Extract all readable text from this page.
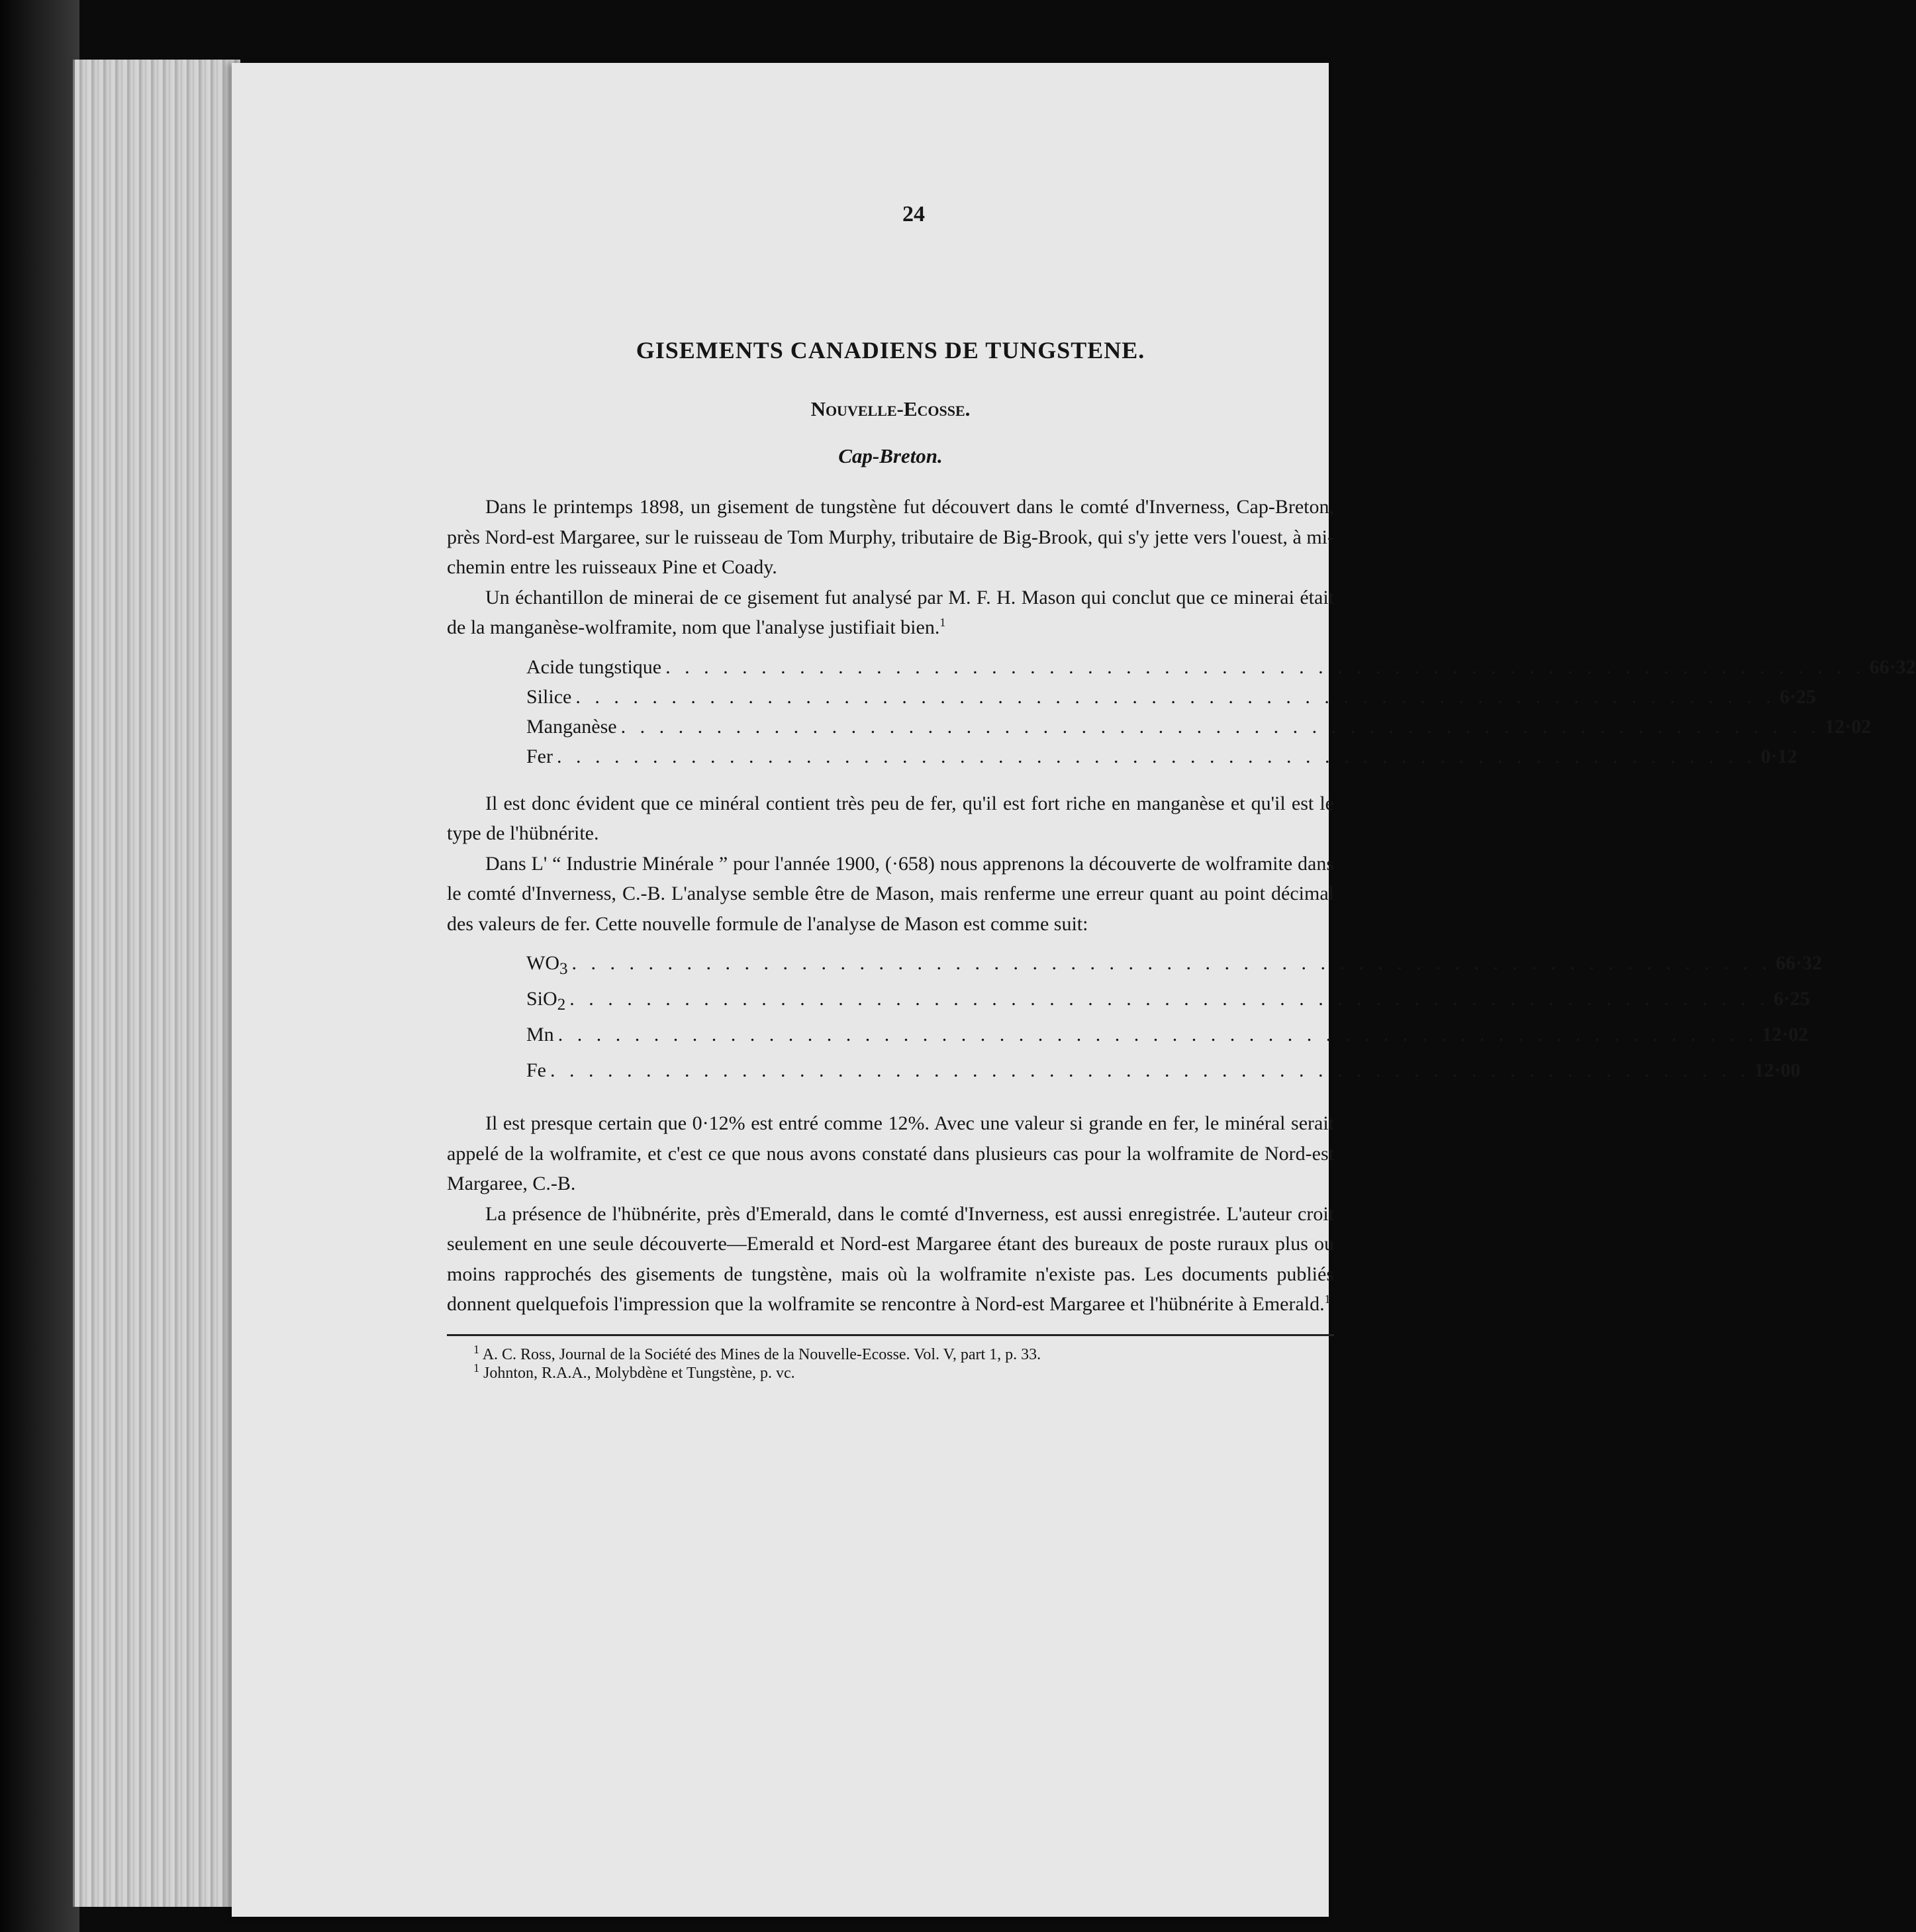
24
GISEMENTS CANADIENS DE TUNGSTENE.
Nouvelle-Ecosse.
Cap-Breton.

Dans le printemps 1898, un gisement de tungstène fut découvert dans le comté d'Inverness, Cap-Breton, près Nord-est Margaree, sur le ruisseau de Tom Murphy, tributaire de Big-Brook, qui s'y jette vers l'ouest, à mi-chemin entre les ruisseaux Pine et Coady.

Un échantillon de minerai de ce gisement fut analysé par M. F. H. Mason qui conclut que ce minerai était de la manganèse-wolframite, nom que l'analyse justifiait bien.$^1$

Acide tungstique . . .	66·32
Silice . . .	6·25
Manganèse . . .	12·02
Fer . . .	0·12

Il est donc évident que ce minéral contient très peu de fer, qu'il est fort riche en manganèse et qu'il est le type de l'hübnérite.

Dans L' “ Industrie Minérale ” pour l'année 1900, (·658) nous apprenons la découverte de wolframite dans le comté d'Inverness, C.-B. L'analyse semble être de Mason, mais renferme une erreur quant au point décimal des valeurs de fer. Cette nouvelle formule de l'analyse de Mason est comme suit:

$WO_3$ . . .	66·32
SiO$_2$ . . .	6·25
Mn . . .	12·02
Fe . . .	12·00

Il est presque certain que 0·12% est entré comme 12%. Avec une valeur si grande en fer, le minéral serait appelé de la wolframite, et c'est ce que nous avons constaté dans plusieurs cas pour la wolframite de Nord-est Margaree, C.-B.

La présence de l'hübnérite, près d'Emerald, dans le comté d'Inverness, est aussi enregistrée. L'auteur croit seulement en une seule découverte—Emerald et Nord-est Margaree étant des bureaux de poste ruraux plus ou moins rapprochés des gisements de tungstène, mais où la wolframite n'existe pas. Les documents publiés donnent quelquefois l'impression que la wolframite se rencontre à Nord-est Margaree et l'hübnérite à Emerald.$^1$

$^1$ A. C. Ross, Journal de la Société des Mines de la Nouvelle-Ecosse. Vol. V, part 1, p. 33.

$^1$ Johnton, R.A.A., Molybdène et Tungstène, p. vc.
